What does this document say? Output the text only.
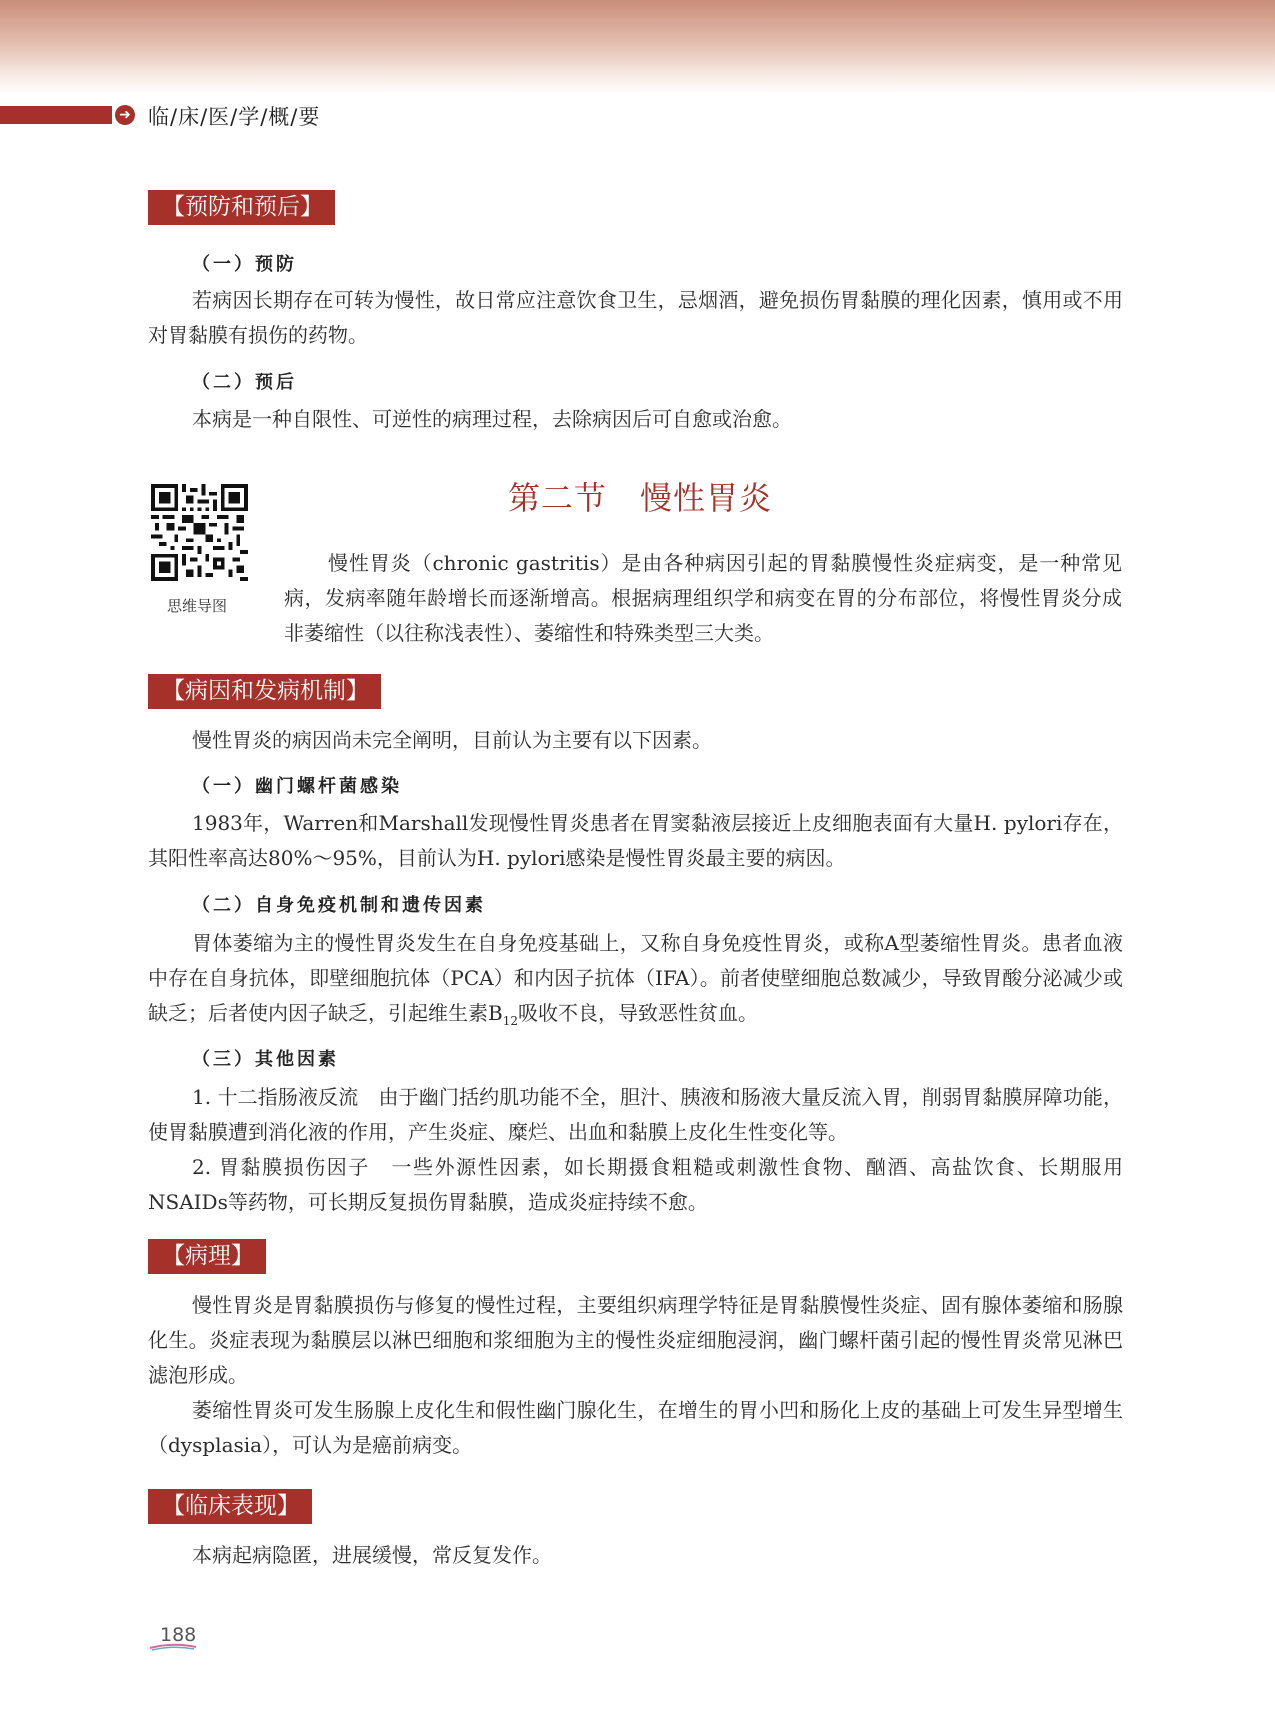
➜ 临/床/医/学/概/要
【预防和预后】
（一）预防

若病因长期存在可转为慢性，故日常应注意饮食卫生，忌烟酒，避免损伤胃黏膜的理化因素，慎用或不用对胃黏膜有损伤的药物。

（二）预后

本病是一种自限性、可逆性的病理过程，去除病因后可自愈或治愈。

第二节　慢性胃炎
思维导图

慢性胃炎（chronic gastritis）是由各种病因引起的胃黏膜慢性炎症病变，是一种常见病，发病率随年龄增长而逐渐增高。根据病理组织学和病变在胃的分布部位，将慢性胃炎分成非萎缩性（以往称浅表性）、萎缩性和特殊类型三大类。

【病因和发病机制】

慢性胃炎的病因尚未完全阐明，目前认为主要有以下因素。

（一）幽门螺杆菌感染

1983年，Warren和Marshall发现慢性胃炎患者在胃窦黏液层接近上皮细胞表面有大量H. pylori存在，其阳性率高达80%～95%，目前认为H. pylori感染是慢性胃炎最主要的病因。

（二）自身免疫机制和遗传因素

胃体萎缩为主的慢性胃炎发生在自身免疫基础上，又称自身免疫性胃炎，或称A型萎缩性胃炎。患者血液中存在自身抗体，即壁细胞抗体（PCA）和内因子抗体（IFA）。前者使壁细胞总数减少，导致胃酸分泌减少或缺乏；后者使内因子缺乏，引起维生素$B_{12}$吸收不良，导致恶性贫血。

（三）其他因素

1. 十二指肠液反流　由于幽门括约肌功能不全，胆汁、胰液和肠液大量反流入胃，削弱胃黏膜屏障功能，使胃黏膜遭到消化液的作用，产生炎症、糜烂、出血和黏膜上皮化生性变化等。

2. 胃黏膜损伤因子　一些外源性因素，如长期摄食粗糙或刺激性食物、酗酒、高盐饮食、长期服用NSAIDs等药物，可长期反复损伤胃黏膜，造成炎症持续不愈。

【病理】

慢性胃炎是胃黏膜损伤与修复的慢性过程，主要组织病理学特征是胃黏膜慢性炎症、固有腺体萎缩和肠腺化生。炎症表现为黏膜层以淋巴细胞和浆细胞为主的慢性炎症细胞浸润，幽门螺杆菌引起的慢性胃炎常见淋巴滤泡形成。

萎缩性胃炎可发生肠腺上皮化生和假性幽门腺化生，在增生的胃小凹和肠化上皮的基础上可发生异型增生（dysplasia），可认为是癌前病变。

【临床表现】

本病起病隐匿，进展缓慢，常反复发作。

188
